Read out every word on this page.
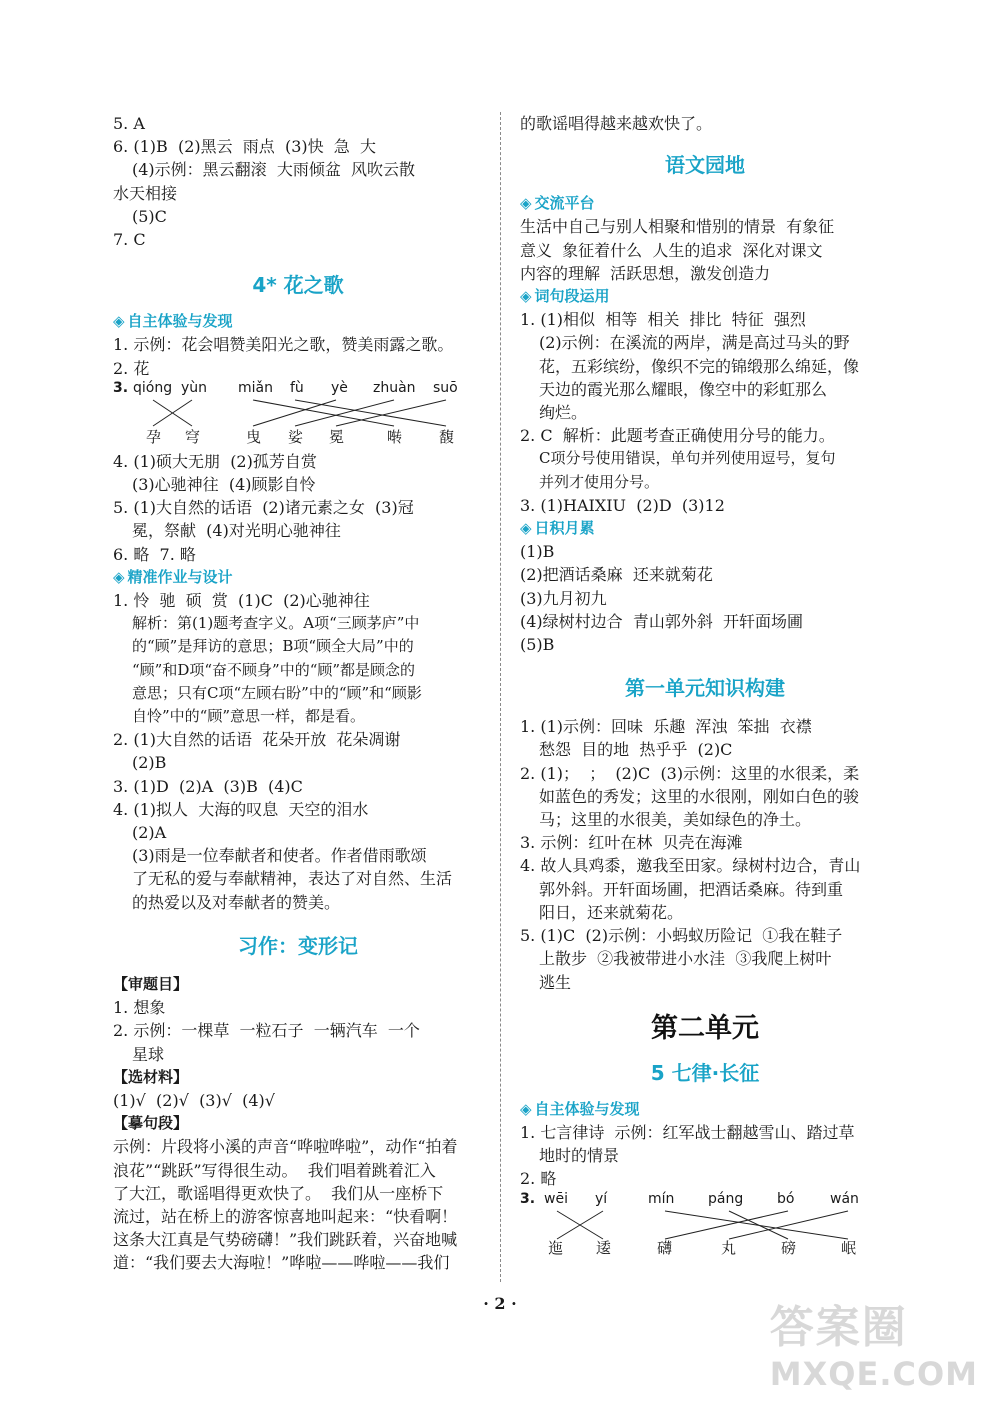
5. A
6. (1)B  (2)黑云  雨点  (3)快  急  大
(4)示例：黑云翻滚  大雨倾盆  风吹云散
水天相接
(5)C
7. C
4* 花之歌
◈ 自主体验与发现
1. 示例：花会唱赞美阳光之歌，赞美雨露之歌。
2. 花
3. qióng yùn miǎn fù yè zhuàn suō
孕 穹	曳 娑 冕	啭 馥
4. (1)硕大无朋  (2)孤芳自赏
(3)心驰神往  (4)顾影自怜
5. (1)大自然的话语  (2)诸元素之女  (3)冠
冕，祭献  (4)对光明心驰神往
6. 略  7. 略
◈ 精准作业与设计
1. 怜  驰  硕  赏  (1)C  (2)心驰神往
解析：第(1)题考查字义。A项“三顾茅庐”中
的“顾”是拜访的意思；B项“顾全大局”中的
“顾”和D项“奋不顾身”中的“顾”都是顾念的
意思；只有C项“左顾右盼”中的“顾”和“顾影
自怜”中的“顾”意思一样，都是看。
2. (1)大自然的话语  花朵开放  花朵凋谢
(2)B
3. (1)D  (2)A  (3)B  (4)C
4. (1)拟人  大海的叹息  天空的泪水
(2)A
(3)雨是一位奉献者和使者。作者借雨歌颂
了无私的爱与奉献精神，表达了对自然、生活
的热爱以及对奉献者的赞美。
习作：变形记
【审题目】
1. 想象
2. 示例：一棵草  一粒石子  一辆汽车  一个
星球
【选材料】
(1)√  (2)√  (3)√  (4)√
【摹句段】
示例：片段将小溪的声音“哗啦哗啦”，动作“拍着
浪花”“跳跃”写得很生动。  我们唱着跳着汇入
了大江，歌谣唱得更欢快了。  我们从一座桥下
流过，站在桥上的游客惊喜地叫起来：“快看啊！
这条大江真是气势磅礴！”我们跳跃着，兴奋地喊
道：“我们要去大海啦！”哗啦——哗啦——我们
的歌谣唱得越来越欢快了。
语文园地
◈ 交流平台
生活中自己与别人相聚和惜别的情景  有象征
意义  象征着什么  人生的追求  深化对课文
内容的理解  活跃思想，激发创造力
◈ 词句段运用
1. (1)相似  相等  相关  排比  特征  强烈
(2)示例：在溪流的两岸，满是高过马头的野
花，五彩缤纷，像织不完的锦缎那么绵延，像
天边的霞光那么耀眼，像空中的彩虹那么
绚烂。
2. C  解析：此题考查正确使用分号的能力。
C项分号使用错误，单句并列使用逗号，复句
并列才使用分号。
3. (1)HAIXIU  (2)D  (3)12
◈ 日积月累
(1)B
(2)把酒话桑麻  还来就菊花
(3)九月初九
(4)绿树村边合  青山郭外斜  开轩面场圃
(5)B
第一单元知识构建
1. (1)示例：回味  乐趣  浑浊  笨拙  衣襟
愁怨  目的地  热乎乎  (2)C
2. (1)；  ；  (2)C  (3)示例：这里的水很柔，柔
如蓝色的秀发；这里的水很刚，刚如白色的骏
马；这里的水很美，美如绿色的净土。
3. 示例：红叶在林  贝壳在海滩
4. 故人具鸡黍，邀我至田家。绿树村边合，青山
郭外斜。开轩面场圃，把酒话桑麻。待到重
阳日，还来就菊花。
5. (1)C  (2)示例：小蚂蚁历险记  ①我在鞋子
上散步  ②我被带进小水洼  ③我爬上树叶
逃生
第二单元
5 七律·长征
◈ 自主体验与发现
1. 七言律诗  示例：红军战士翻越雪山、踏过草
地时的情景
2. 略
3. wēi yí	mín páng bó	wán
迤 逶	礴	丸	磅	岷
· 2 ·	答案圈
MXQE.COM
